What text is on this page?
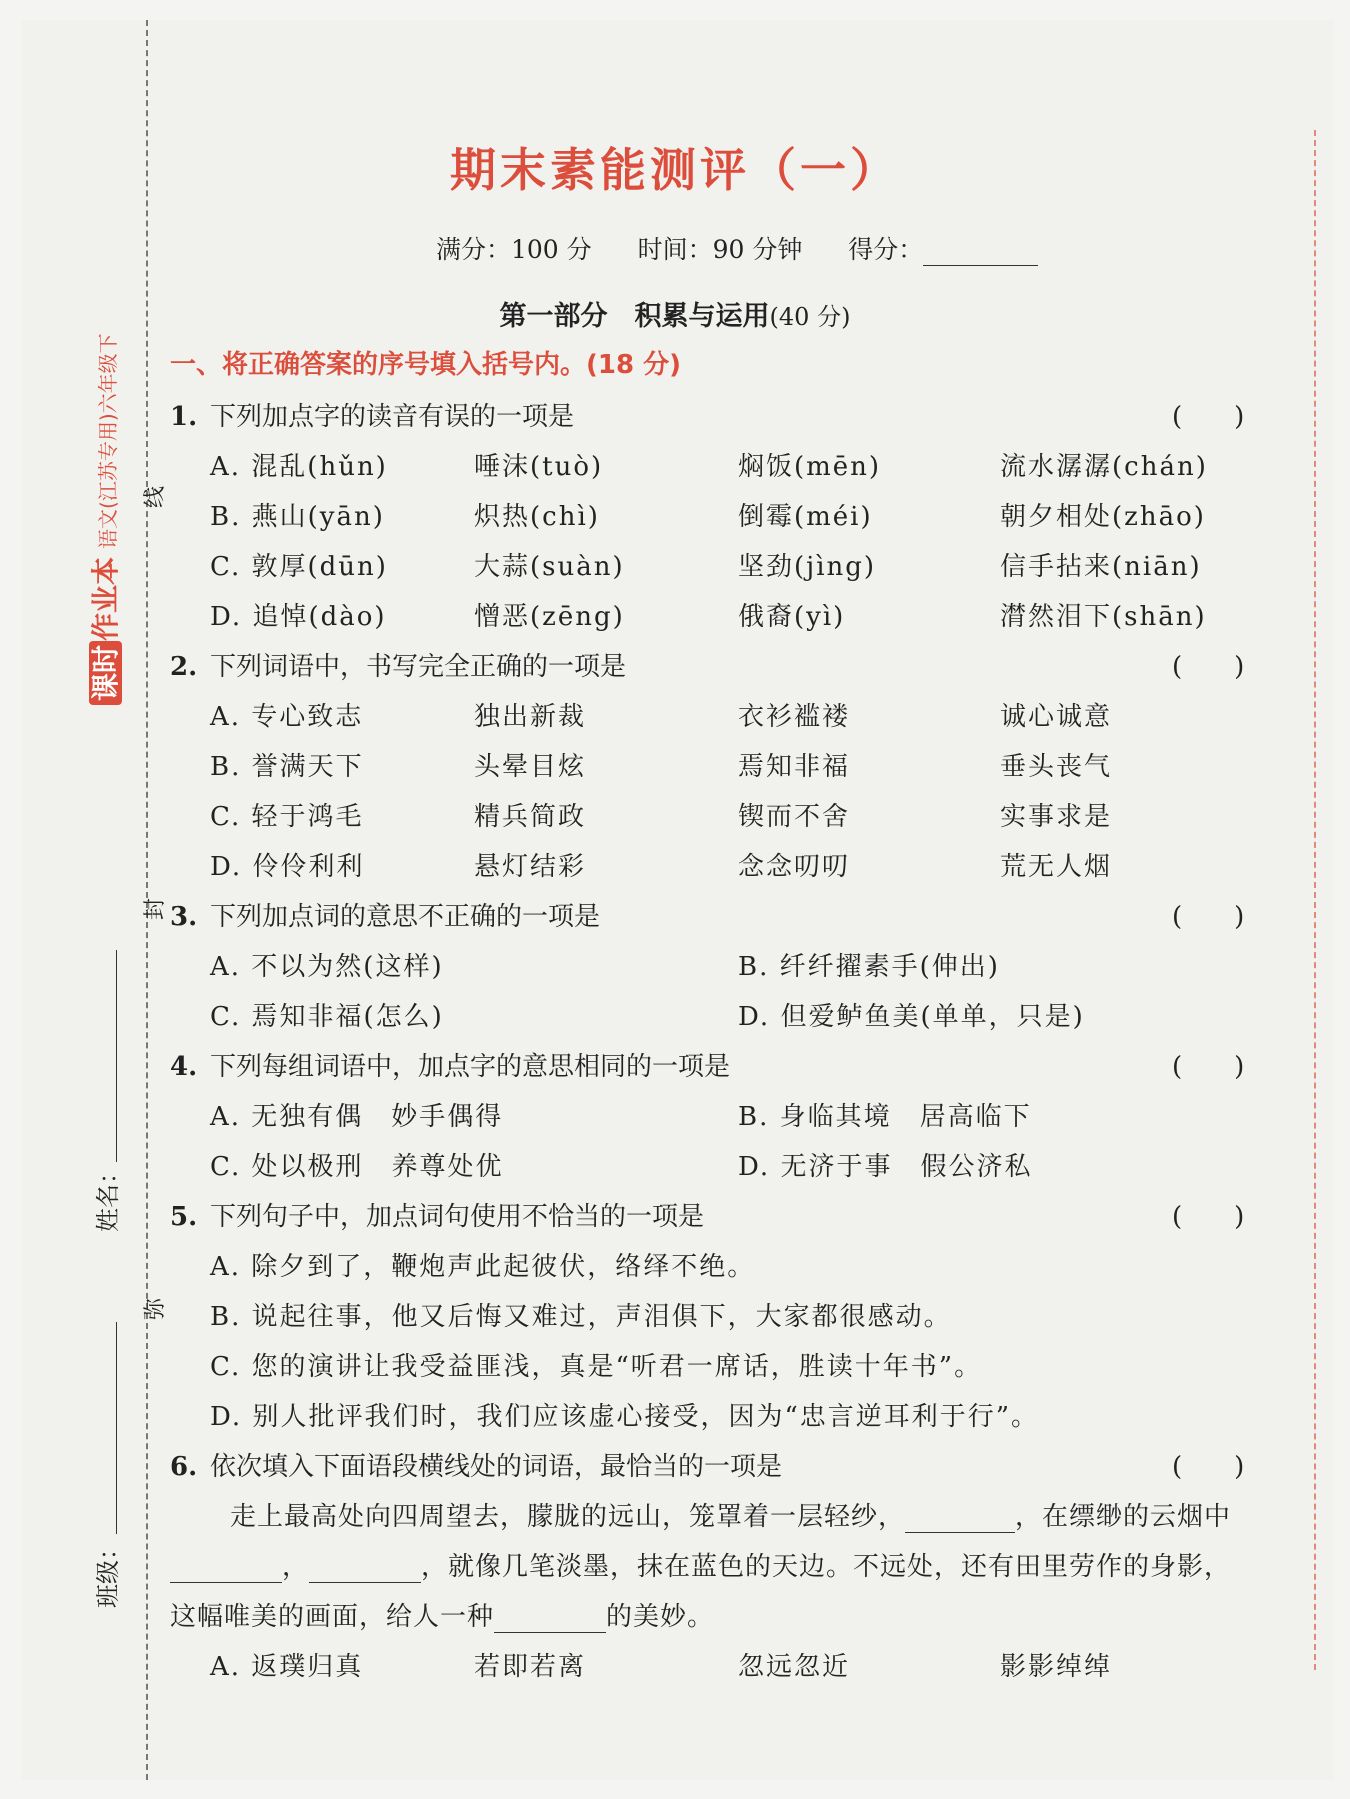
课时作业本语文(江苏专用)六年级下 线
封
弥
姓名：
班级：
期末素能测评（一）
满分：100 分 时间：90 分钟 得分：
第一部分　积累与运用(40 分)
一、将正确答案的序号填入括号内。(18 分)
1. 下列加点字的读音有误的一项是	(　　)
A. 混乱(hǔn)	唾沫(tuò)	焖饭(mēn)	流水潺潺(chán)
B. 燕山(yān)	炽热(chì)	倒霉(méi)	朝夕相处(zhāo)
C. 敦厚(dūn)	大蒜(suàn)	坚劲(jìng)	信手拈来(niān)
D. 追悼(dào)	憎恶(zēng)	俄裔(yì)	潸然泪下(shān)
2. 下列词语中，书写完全正确的一项是	(　　)
A. 专心致志	独出新裁	衣衫褴褛	诚心诚意
B. 誉满天下	头晕目炫	焉知非福	垂头丧气
C. 轻于鸿毛	精兵简政	锲而不舍	实事求是
D. 伶伶利利	悬灯结彩	念念叨叨	荒无人烟
3. 下列加点词的意思不正确的一项是	(　　)
A. 不以为然(这样)	B. 纤纤擢素手(伸出)
C. 焉知非福(怎么)	D. 但爱鲈鱼美(单单，只是)
4. 下列每组词语中，加点字的意思相同的一项是	(　　)
A. 无独有偶　妙手偶得	B. 身临其境　居高临下
C. 处以极刑　养尊处优	D. 无济于事　假公济私
5. 下列句子中，加点词句使用不恰当的一项是	(　　)
A. 除夕到了，鞭炮声此起彼伏，络绎不绝。
B. 说起往事，他又后悔又难过，声泪俱下，大家都很感动。
C. 您的演讲让我受益匪浅，真是“听君一席话，胜读十年书”。
D. 别人批评我们时，我们应该虚心接受，因为“忠言逆耳利于行”。
6. 依次填入下面语段横线处的词语，最恰当的一项是	(　　)
走上最高处向四周望去，朦胧的远山，笼罩着一层轻纱，	，在缥缈的云烟中
，	，就像几笔淡墨，抹在蓝色的天边。不远处，还有田里劳作的身影，
这幅唯美的画面，给人一种	的美妙。
A. 返璞归真	若即若离	忽远忽近	影影绰绰
